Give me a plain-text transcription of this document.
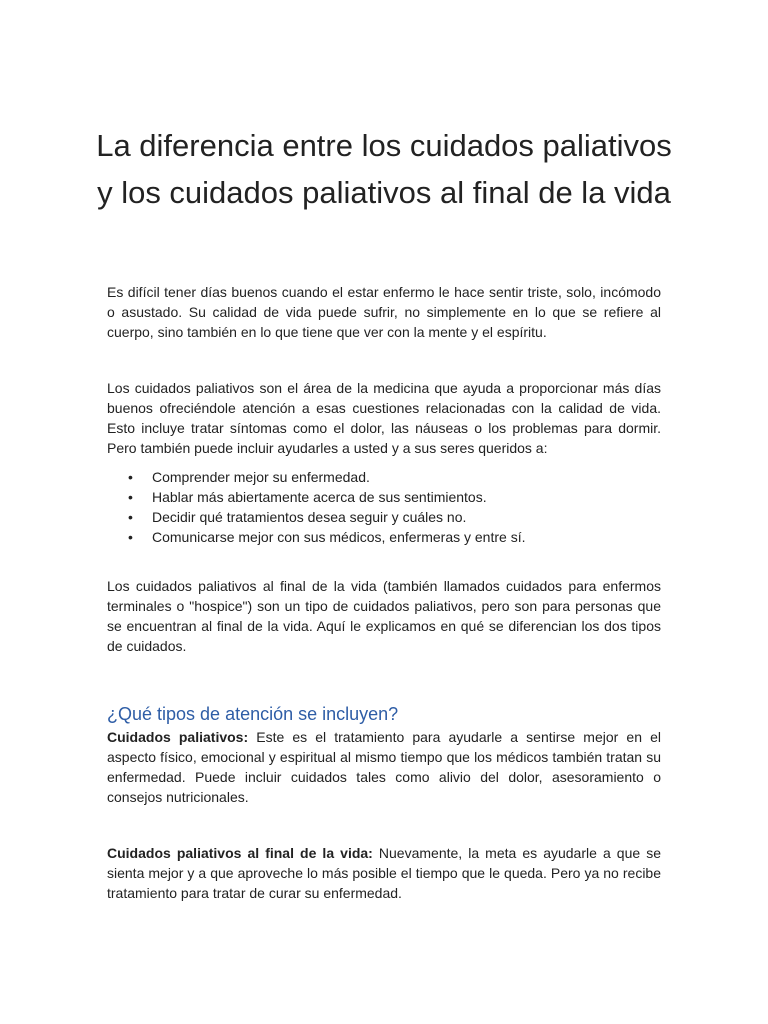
La diferencia entre los cuidados paliativos y los cuidados paliativos al final de la vida

Es difícil tener días buenos cuando el estar enfermo le hace sentir triste, solo, incómodo o asustado. Su calidad de vida puede sufrir, no simplemente en lo que se refiere al cuerpo, sino también en lo que tiene que ver con la mente y el espíritu.

Los cuidados paliativos son el área de la medicina que ayuda a proporcionar más días buenos ofreciéndole atención a esas cuestiones relacionadas con la calidad de vida. Esto incluye tratar síntomas como el dolor, las náuseas o los problemas para dormir. Pero también puede incluir ayudarles a usted y a sus seres queridos a:

• Comprender mejor su enfermedad.
• Hablar más abiertamente acerca de sus sentimientos.
• Decidir qué tratamientos desea seguir y cuáles no.
• Comunicarse mejor con sus médicos, enfermeras y entre sí.

Los cuidados paliativos al final de la vida (también llamados cuidados para enfermos terminales o "hospice") son un tipo de cuidados paliativos, pero son para personas que se encuentran al final de la vida. Aquí le explicamos en qué se diferencian los dos tipos de cuidados.

¿Qué tipos de atención se incluyen?

Cuidados paliativos: Este es el tratamiento para ayudarle a sentirse mejor en el aspecto físico, emocional y espiritual al mismo tiempo que los médicos también tratan su enfermedad. Puede incluir cuidados tales como alivio del dolor, asesoramiento o consejos nutricionales.

Cuidados paliativos al final de la vida: Nuevamente, la meta es ayudarle a que se sienta mejor y a que aproveche lo más posible el tiempo que le queda. Pero ya no recibe tratamiento para tratar de curar su enfermedad.
